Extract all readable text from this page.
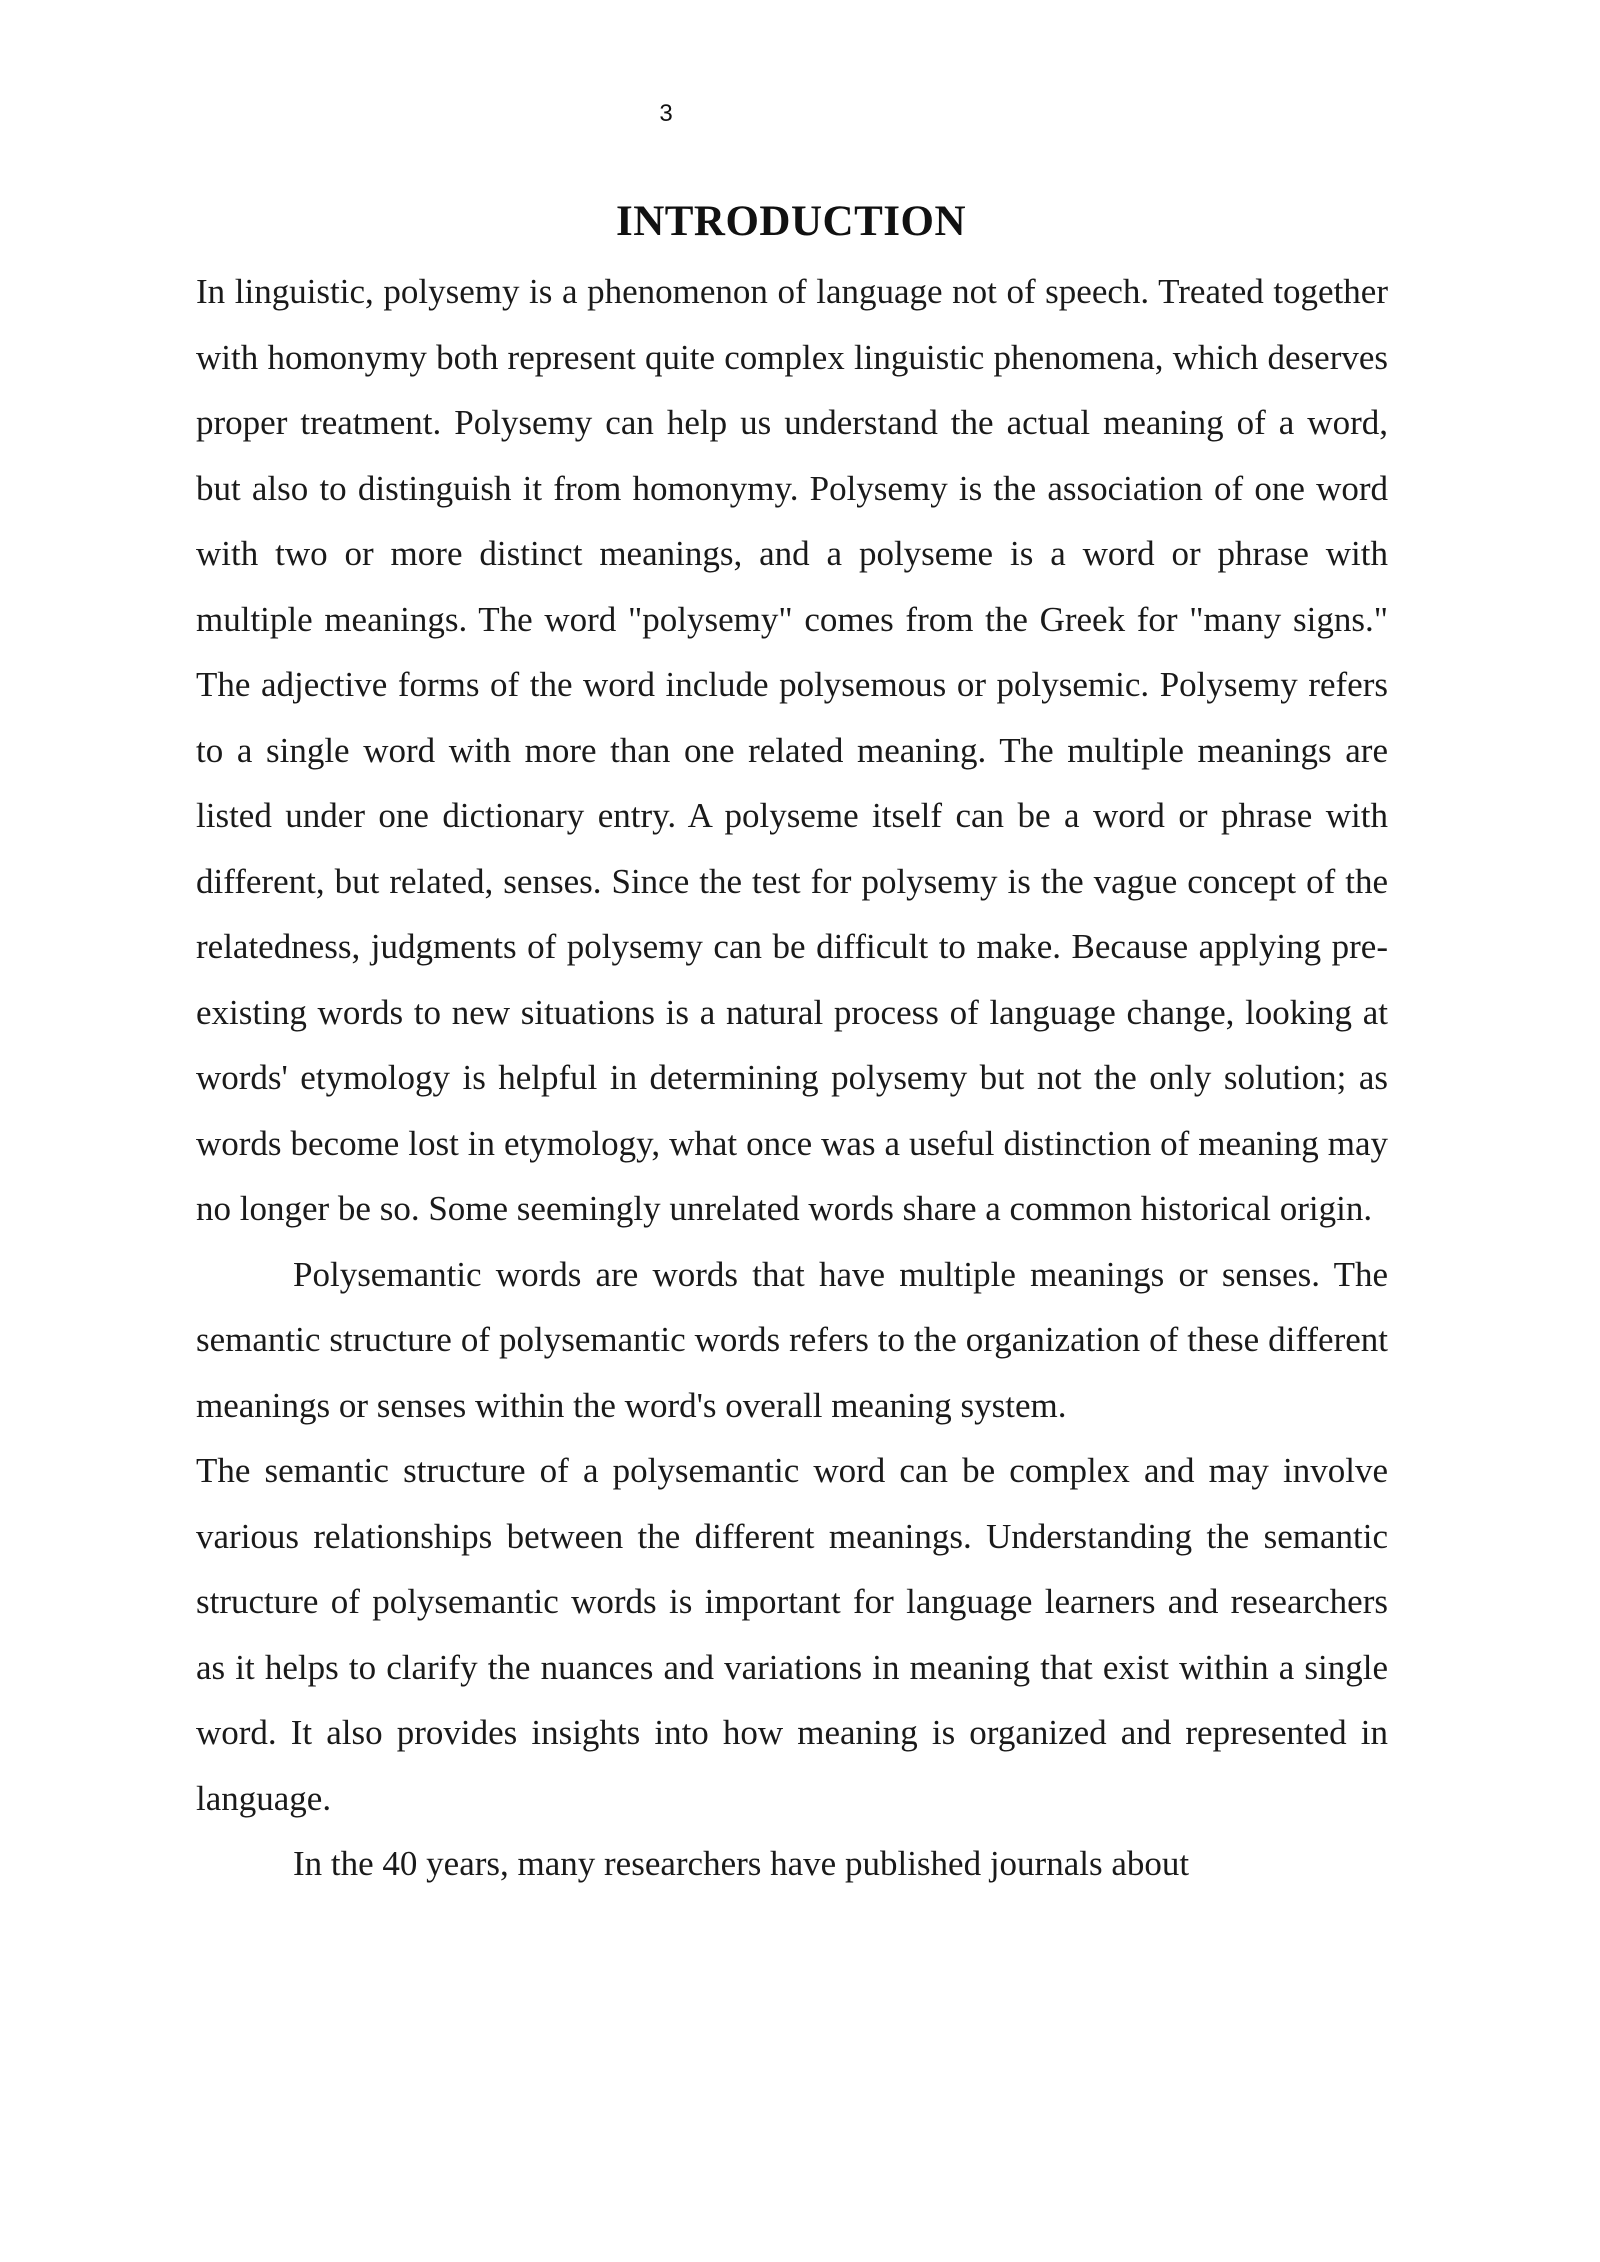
3
INTRODUCTION

In linguistic, polysemy is a phenomenon of language not of speech. Treated together with homonymy both represent quite complex linguistic phenomena, which deserves proper treatment. Polysemy can help us understand the actual meaning of a word, but also to distinguish it from homonymy. Polysemy is the association of one word with two or more distinct meanings, and a polyseme is a word or phrase with multiple meanings. The word "polysemy" comes from the Greek for "many signs." The adjective forms of the word include polysemous or polysemic. Polysemy refers to a single word with more than one related meaning. The multiple meanings are listed under one dictionary entry. A polyseme itself can be a word or phrase with different, but related, senses. Since the test for polysemy is the vague concept of the relatedness, judgments of polysemy can be difficult to make. Because applying pre-existing words to new situations is a natural process of language change, looking at words' etymology is helpful in determining polysemy but not the only solution; as words become lost in etymology, what once was a useful distinction of meaning may no longer be so. Some seemingly unrelated words share a common historical origin.

Polysemantic words are words that have multiple meanings or senses. The semantic structure of polysemantic words refers to the organization of these different meanings or senses within the word's overall meaning system.

The semantic structure of a polysemantic word can be complex and may involve various relationships between the different meanings. Understanding the semantic structure of polysemantic words is important for language learners and researchers as it helps to clarify the nuances and variations in meaning that exist within a single word. It also provides insights into how meaning is organized and represented in language.

In the 40 years, many researchers have published journals about
